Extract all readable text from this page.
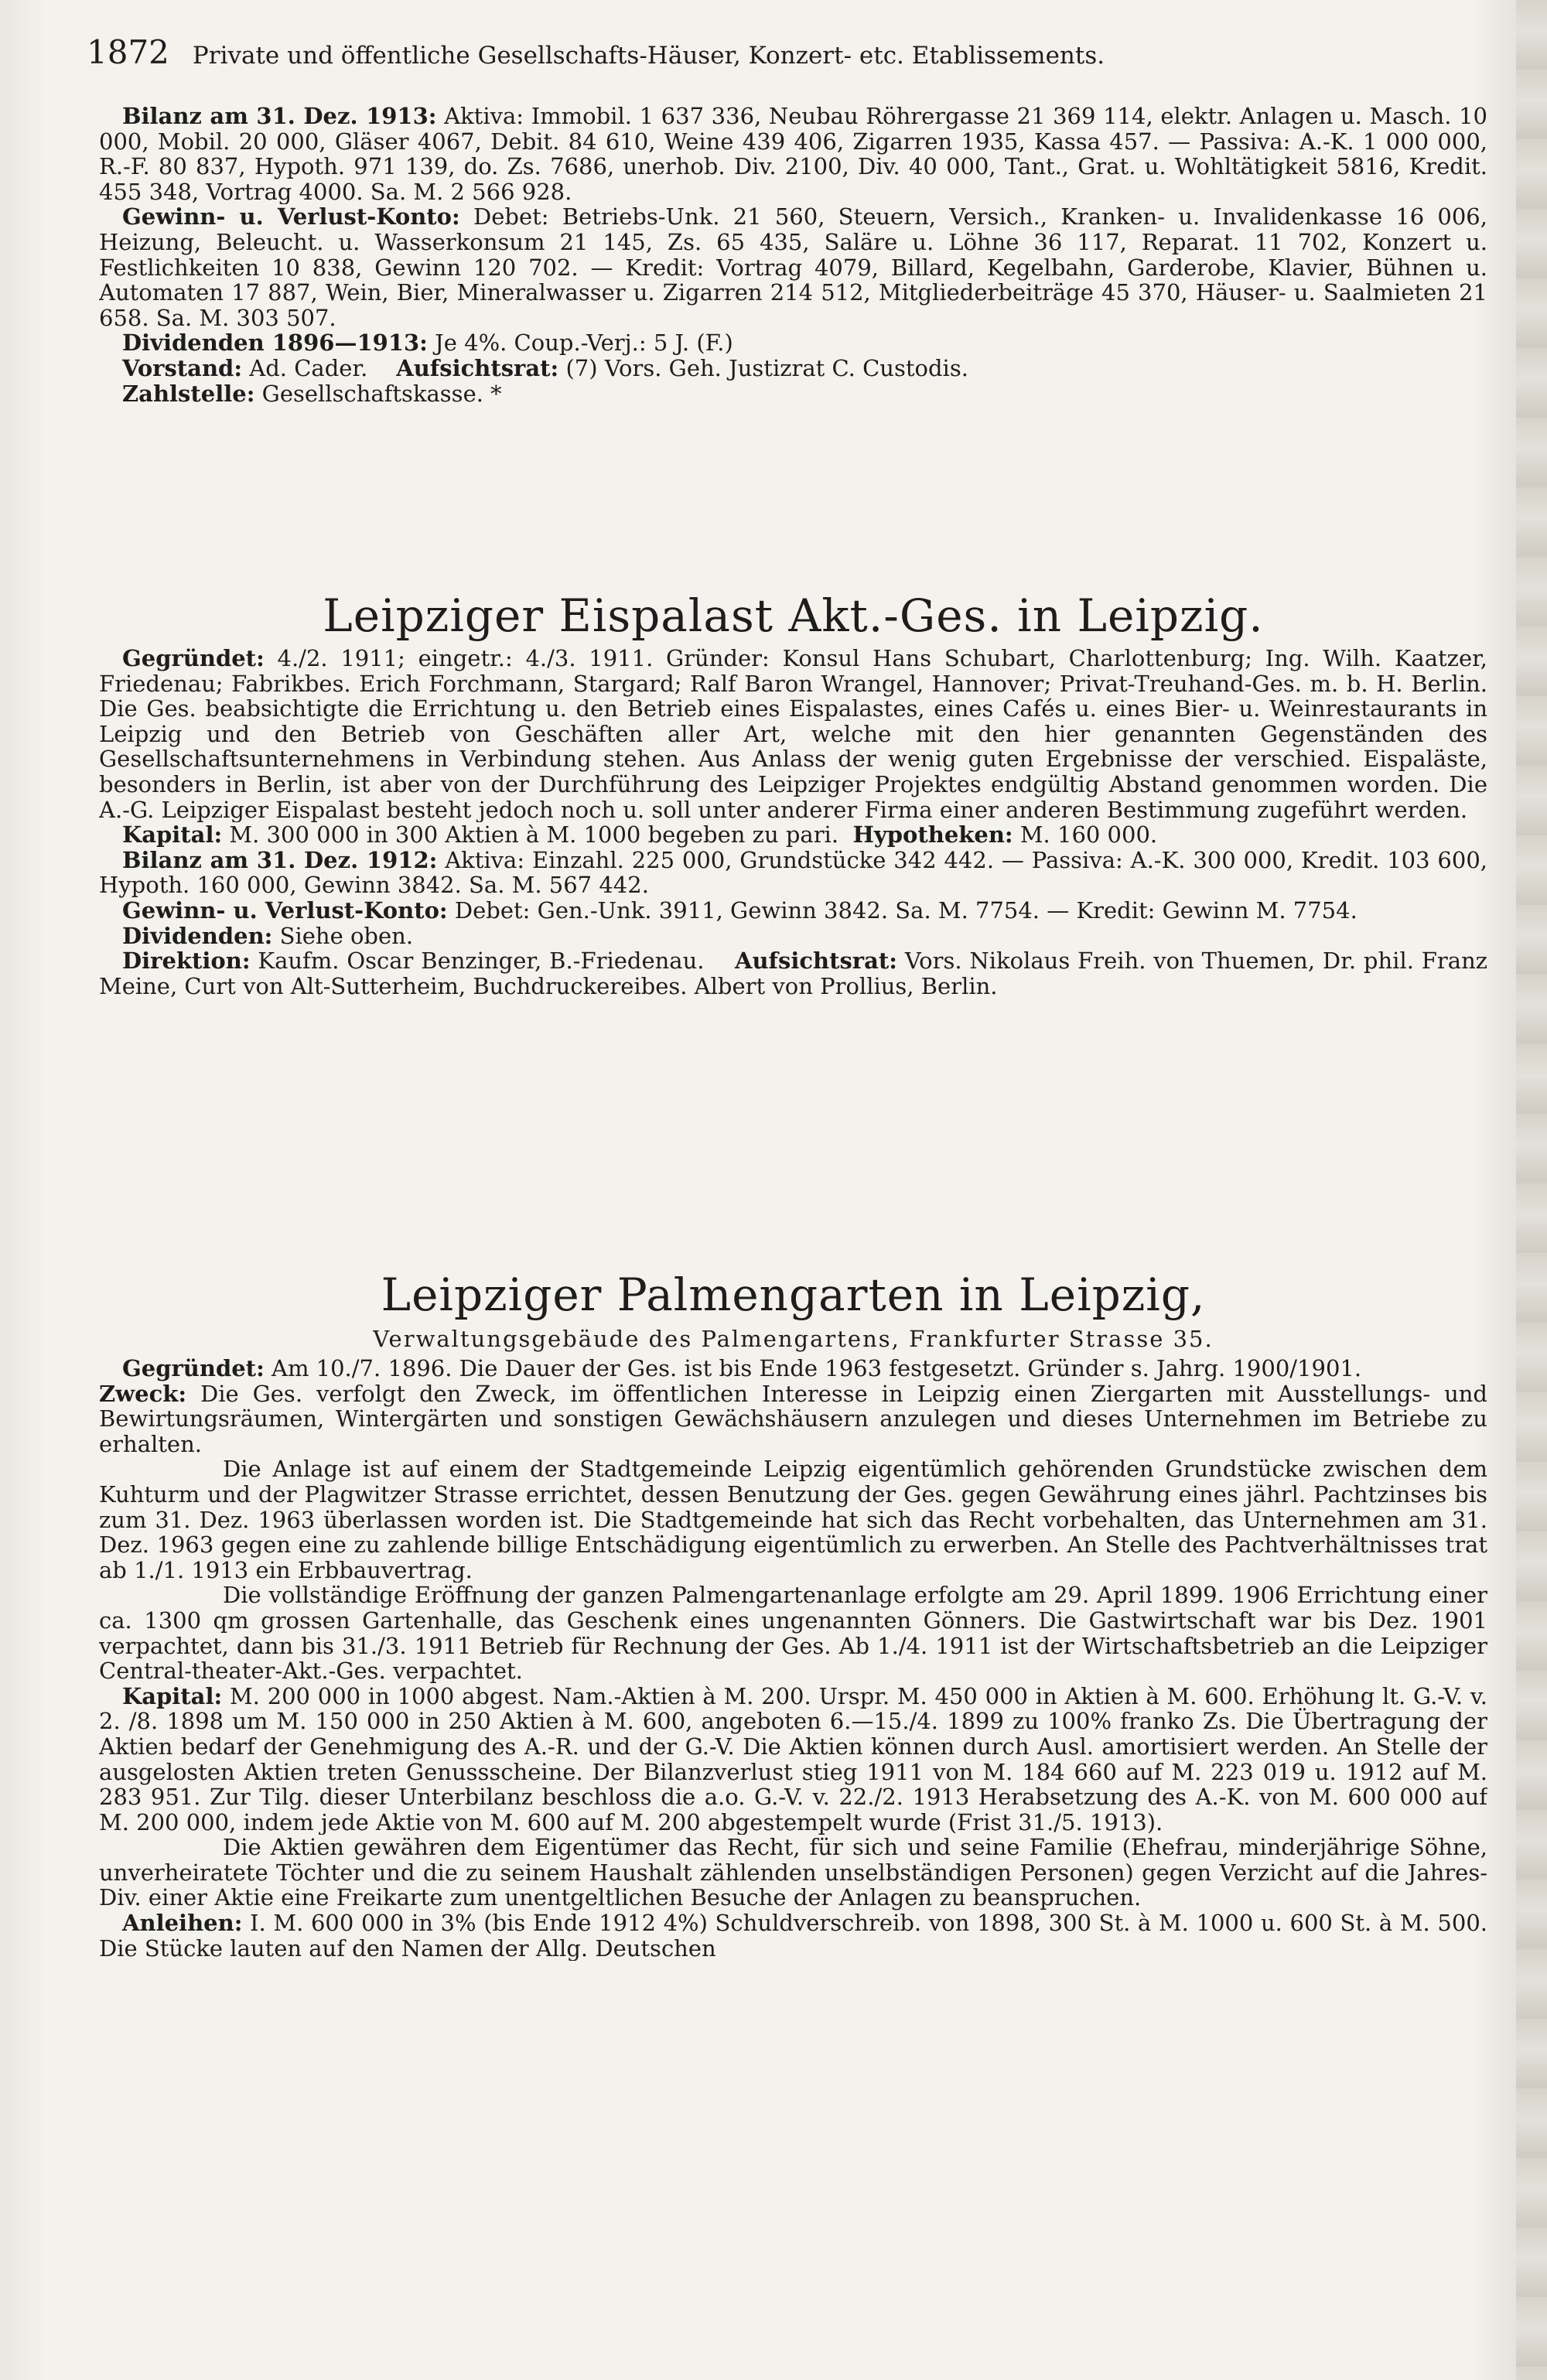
1872 Private und öffentliche Gesellschafts-Häuser, Konzert- etc. Etablissements.

Bilanz am 31. Dez. 1913: Aktiva: Immobil. 1 637 336, Neubau Röhrergasse 21 369 114, elektr. Anlagen u. Masch. 10 000, Mobil. 20 000, Gläser 4067, Debit. 84 610, Weine 439 406, Zigarren 1935, Kassa 457. — Passiva: A.-K. 1 000 000, R.-F. 80 837, Hypoth. 971 139, do. Zs. 7686, unerhob. Div. 2100, Div. 40 000, Tant., Grat. u. Wohltätigkeit 5816, Kredit. 455 348, Vortrag 4000. Sa. M. 2 566 928.

Gewinn- u. Verlust-Konto: Debet: Betriebs-Unk. 21 560, Steuern, Versich., Kranken- u. Invalidenkasse 16 006, Heizung, Beleucht. u. Wasserkonsum 21 145, Zs. 65 435, Saläre u. Löhne 36 117, Reparat. 11 702, Konzert u. Festlichkeiten 10 838, Gewinn 120 702. — Kredit: Vortrag 4079, Billard, Kegelbahn, Garderobe, Klavier, Bühnen u. Automaten 17 887, Wein, Bier, Mineralwasser u. Zigarren 214 512, Mitgliederbeiträge 45 370, Häuser- u. Saalmieten 21 658. Sa. M. 303 507.

Dividenden 1896—1913: Je 4%. Coup.-Verj.: 5 J. (F.)

Vorstand: Ad. Cader. Aufsichtsrat: (7) Vors. Geh. Justizrat C. Custodis.

Zahlstelle: Gesellschaftskasse. *

Leipziger Eispalast Akt.-Ges. in Leipzig.

Gegründet: 4./2. 1911; eingetr.: 4./3. 1911. Gründer: Konsul Hans Schubart, Charlottenburg; Ing. Wilh. Kaatzer, Friedenau; Fabrikbes. Erich Forchmann, Stargard; Ralf Baron Wrangel, Hannover; Privat-Treuhand-Ges. m. b. H. Berlin. Die Ges. beabsichtigte die Errichtung u. den Betrieb eines Eispalastes, eines Cafés u. eines Bier- u. Weinrestaurants in Leipzig und den Betrieb von Geschäften aller Art, welche mit den hier genannten Gegenständen des Gesellschaftsunternehmens in Verbindung stehen. Aus Anlass der wenig guten Ergebnisse der verschied. Eispaläste, besonders in Berlin, ist aber von der Durchführung des Leipziger Projektes endgültig Abstand genommen worden. Die A.-G. Leipziger Eispalast besteht jedoch noch u. soll unter anderer Firma einer anderen Bestimmung zugeführt werden.

Kapital: M. 300 000 in 300 Aktien à M. 1000 begeben zu pari. Hypotheken: M. 160 000.

Bilanz am 31. Dez. 1912: Aktiva: Einzahl. 225 000, Grundstücke 342 442. — Passiva: A.-K. 300 000, Kredit. 103 600, Hypoth. 160 000, Gewinn 3842. Sa. M. 567 442.

Gewinn- u. Verlust-Konto: Debet: Gen.-Unk. 3911, Gewinn 3842. Sa. M. 7754. — Kredit: Gewinn M. 7754.

Dividenden: Siehe oben.

Direktion: Kaufm. Oscar Benzinger, B.-Friedenau. Aufsichtsrat: Vors. Nikolaus Freih. von Thuemen, Dr. phil. Franz Meine, Curt von Alt-Sutterheim, Buchdruckereibes. Albert von Prollius, Berlin.

Leipziger Palmengarten in Leipzig,
Verwaltungsgebäude des Palmengartens, Frankfurter Strasse 35.

Gegründet: Am 10./7. 1896. Die Dauer der Ges. ist bis Ende 1963 festgesetzt. Gründer s. Jahrg. 1900/1901.

Zweck: Die Ges. verfolgt den Zweck, im öffentlichen Interesse in Leipzig einen Ziergarten mit Ausstellungs- und Bewirtungsräumen, Wintergärten und sonstigen Gewächshäusern anzulegen und dieses Unternehmen im Betriebe zu erhalten.

Die Anlage ist auf einem der Stadtgemeinde Leipzig eigentümlich gehörenden Grundstücke zwischen dem Kuhturm und der Plagwitzer Strasse errichtet, dessen Benutzung der Ges. gegen Gewährung eines jährl. Pachtzinses bis zum 31. Dez. 1963 überlassen worden ist. Die Stadtgemeinde hat sich das Recht vorbehalten, das Unternehmen am 31. Dez. 1963 gegen eine zu zahlende billige Entschädigung eigentümlich zu erwerben. An Stelle des Pachtverhältnisses trat ab 1./1. 1913 ein Erbbauvertrag.

Die vollständige Eröffnung der ganzen Palmengartenanlage erfolgte am 29. April 1899. 1906 Errichtung einer ca. 1300 qm grossen Gartenhalle, das Geschenk eines ungenannten Gönners. Die Gastwirtschaft war bis Dez. 1901 verpachtet, dann bis 31./3. 1911 Betrieb für Rechnung der Ges. Ab 1./4. 1911 ist der Wirtschaftsbetrieb an die Leipziger Central-theater-Akt.-Ges. verpachtet.

Kapital: M. 200 000 in 1000 abgest. Nam.-Aktien à M. 200. Urspr. M. 450 000 in Aktien à M. 600. Erhöhung lt. G.-V. v. 2. /8. 1898 um M. 150 000 in 250 Aktien à M. 600, angeboten 6.—15./4. 1899 zu 100% franko Zs. Die Übertragung der Aktien bedarf der Genehmigung des A.-R. und der G.-V. Die Aktien können durch Ausl. amortisiert werden. An Stelle der ausgelosten Aktien treten Genussscheine. Der Bilanzverlust stieg 1911 von M. 184 660 auf M. 223 019 u. 1912 auf M. 283 951. Zur Tilg. dieser Unterbilanz beschloss die a.o. G.-V. v. 22./2. 1913 Herabsetzung des A.-K. von M. 600 000 auf M. 200 000, indem jede Aktie von M. 600 auf M. 200 abgestempelt wurde (Frist 31./5. 1913).

Die Aktien gewähren dem Eigentümer das Recht, für sich und seine Familie (Ehefrau, minderjährige Söhne, unverheiratete Töchter und die zu seinem Haushalt zählenden unselbständigen Personen) gegen Verzicht auf die Jahres-Div. einer Aktie eine Freikarte zum unentgeltlichen Besuche der Anlagen zu beanspruchen.

Anleihen: I. M. 600 000 in 3% (bis Ende 1912 4%) Schuldverschreib. von 1898, 300 St. à M. 1000 u. 600 St. à M. 500. Die Stücke lauten auf den Namen der Allg. Deutschen
